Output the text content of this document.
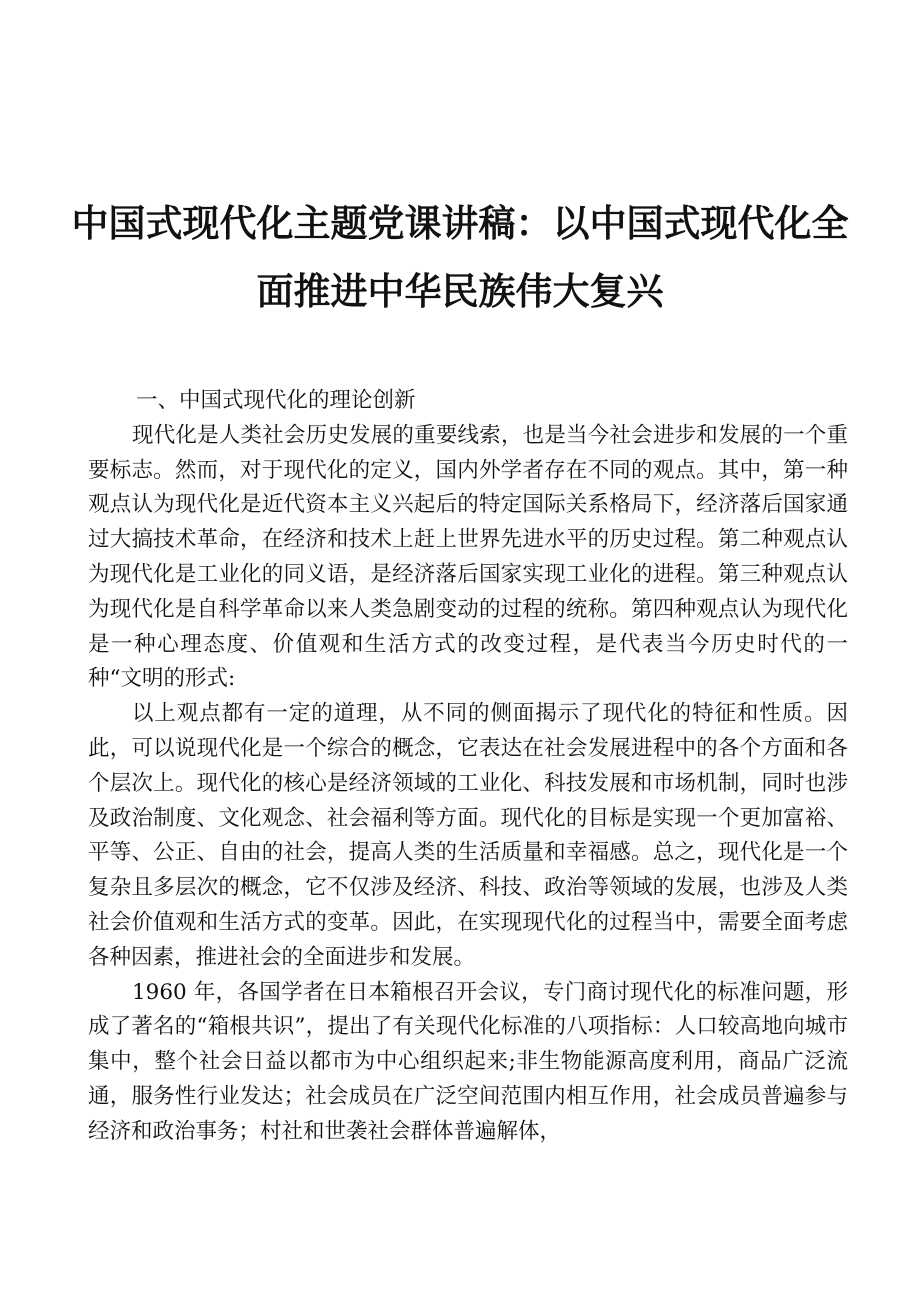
中国式现代化主题党课讲稿：以中国式现代化全
面推进中华民族伟大复兴

一、中国式现代化的理论创新

现代化是人类社会历史发展的重要线索，也是当今社会进步和发展的一个重要标志。然而，对于现代化的定义，国内外学者存在不同的观点。其中，第一种观点认为现代化是近代资本主义兴起后的特定国际关系格局下，经济落后国家通过大搞技术革命，在经济和技术上赶上世界先进水平的历史过程。第二种观点认为现代化是工业化的同义语，是经济落后国家实现工业化的进程。第三种观点认为现代化是自科学革命以来人类急剧变动的过程的统称。第四种观点认为现代化是一种心理态度、价值观和生活方式的改变过程，是代表当今历史时代的一种“文明的形式:

以上观点都有一定的道理，从不同的侧面揭示了现代化的特征和性质。因此，可以说现代化是一个综合的概念，它表达在社会发展进程中的各个方面和各个层次上。现代化的核心是经济领域的工业化、科技发展和市场机制，同时也涉及政治制度、文化观念、社会福利等方面。现代化的目标是实现一个更加富裕、平等、公正、自由的社会，提高人类的生活质量和幸福感。总之，现代化是一个复杂且多层次的概念，它不仅涉及经济、科技、政治等领域的发展，也涉及人类社会价值观和生活方式的变革。因此，在实现现代化的过程当中，需要全面考虑各种因素，推进社会的全面进步和发展。

1960 年，各国学者在日本箱根召开会议，专门商讨现代化的标准问题，形成了著名的“箱根共识”，提出了有关现代化标准的八项指标：人口较高地向城市集中，整个社会日益以都市为中心组织起来;非生物能源高度利用，商品广泛流通，服务性行业发达；社会成员在广泛空间范围内相互作用，社会成员普遍参与经济和政治事务；村社和世袭社会群体普遍解体，
